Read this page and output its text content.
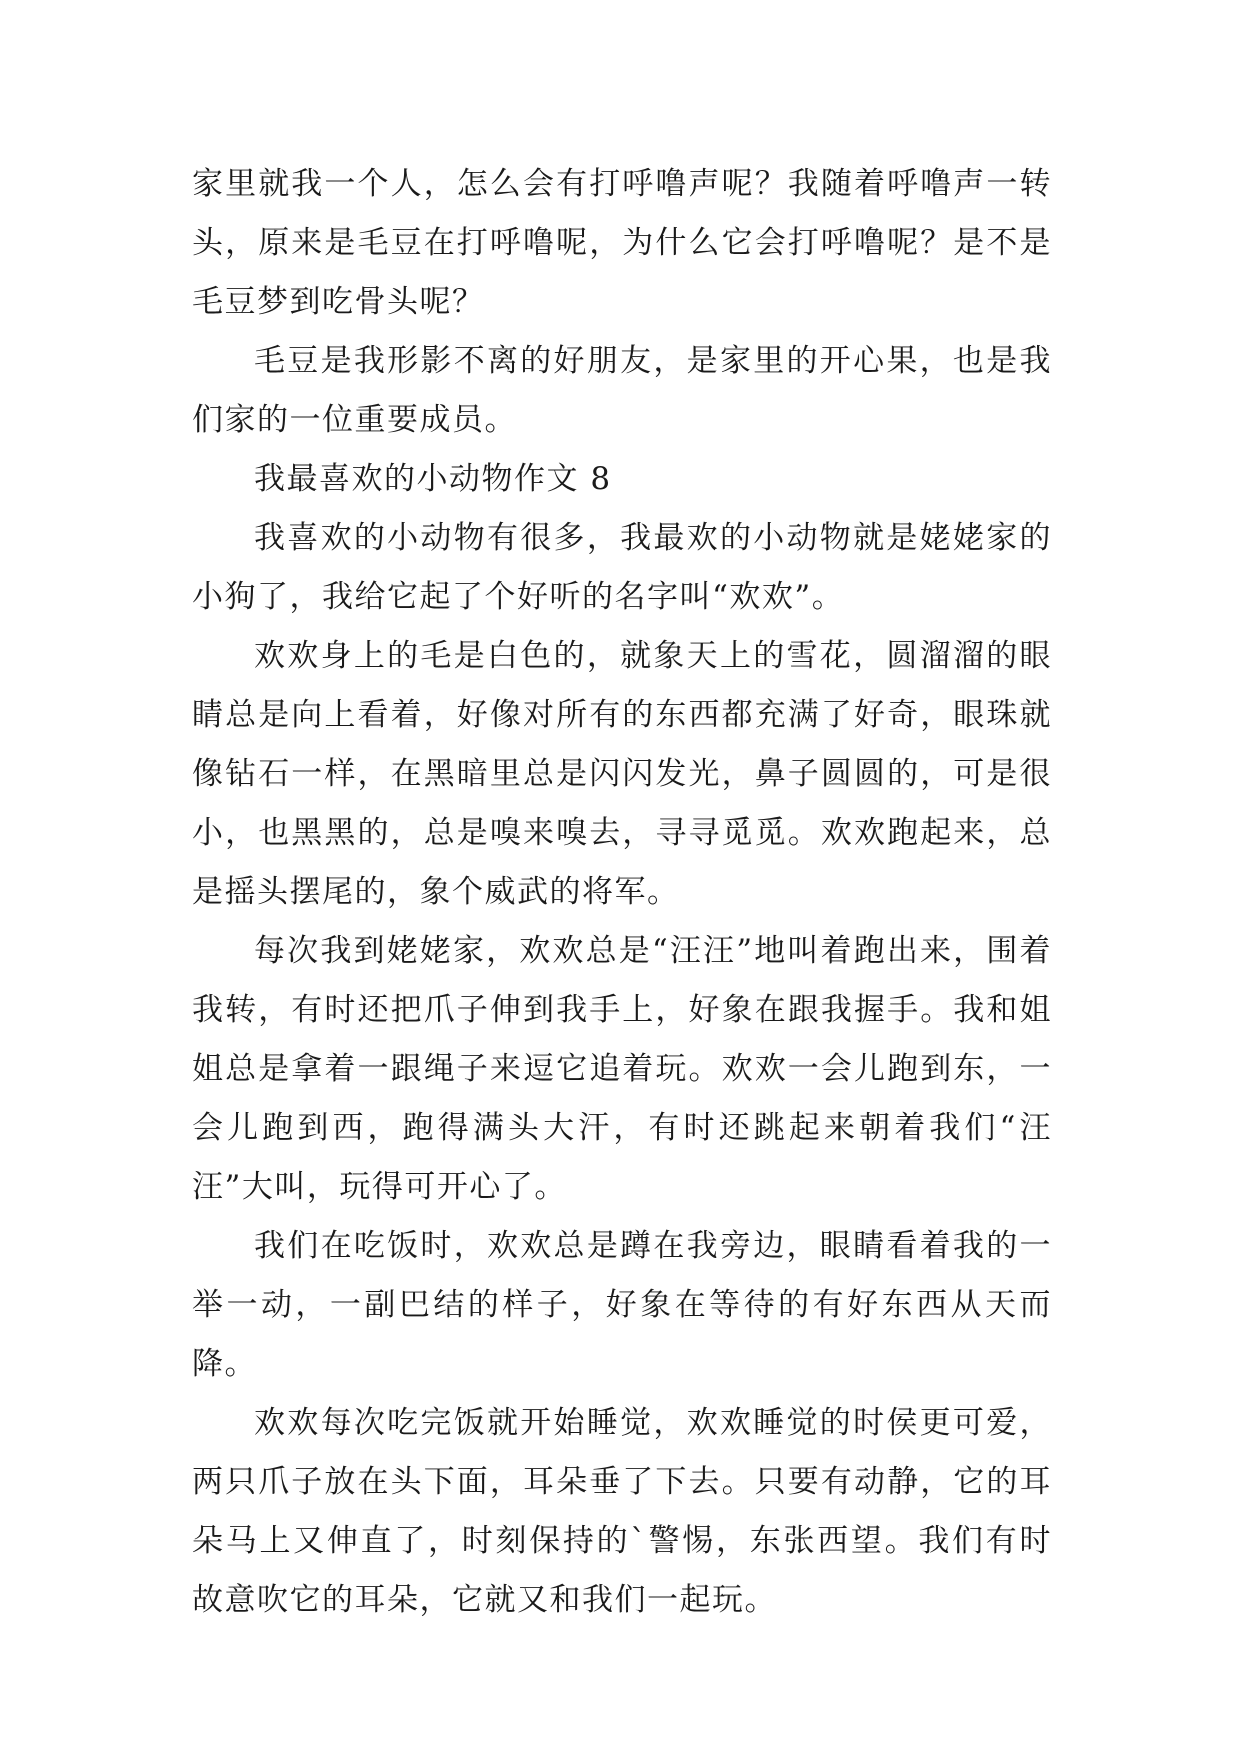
家里就我一个人，怎么会有打呼噜声呢？我随着呼噜声一转头，原来是毛豆在打呼噜呢，为什么它会打呼噜呢？是不是毛豆梦到吃骨头呢？

毛豆是我形影不离的好朋友，是家里的开心果，也是我们家的一位重要成员。

我最喜欢的小动物作文 8

我喜欢的小动物有很多，我最欢的小动物就是姥姥家的小狗了，我给它起了个好听的名字叫“欢欢”。

欢欢身上的毛是白色的，就象天上的雪花，圆溜溜的眼睛总是向上看着，好像对所有的东西都充满了好奇，眼珠就像钻石一样，在黑暗里总是闪闪发光，鼻子圆圆的，可是很小，也黑黑的，总是嗅来嗅去，寻寻觅觅。欢欢跑起来，总是摇头摆尾的，象个威武的将军。

每次我到姥姥家，欢欢总是“汪汪”地叫着跑出来，围着我转，有时还把爪子伸到我手上，好象在跟我握手。我和姐姐总是拿着一跟绳子来逗它追着玩。欢欢一会儿跑到东，一会儿跑到西，跑得满头大汗，有时还跳起来朝着我们“汪汪”大叫，玩得可开心了。

我们在吃饭时，欢欢总是蹲在我旁边，眼睛看着我的一举一动，一副巴结的样子，好象在等待的有好东西从天而降。

欢欢每次吃完饭就开始睡觉，欢欢睡觉的时侯更可爱，两只爪子放在头下面，耳朵垂了下去。只要有动静，它的耳朵马上又伸直了，时刻保持的`警惕，东张西望。我们有时故意吹它的耳朵，它就又和我们一起玩。
